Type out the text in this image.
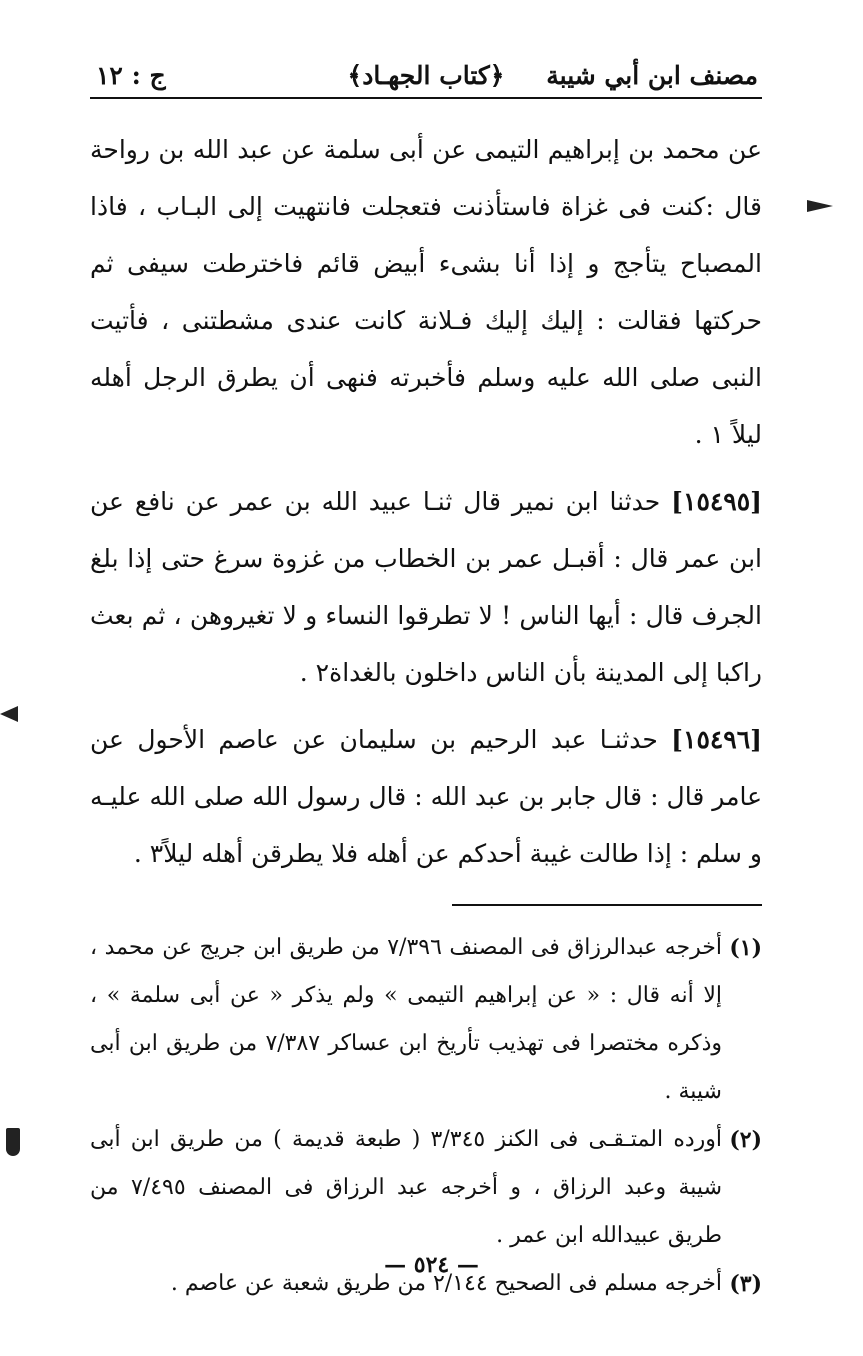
مصنف ابن أبي شيبة
﴿كتاب الجهـاد﴾
ج : ١٢

عن محمد بن إبراهيم التيمى عن أبى سلمة عن عبد الله بن رواحة قال :كنت فى غزاة فاستأذنت فتعجلت فانتهيت إلى البـاب ، فاذا المصباح يتأجج و إذا أنا بشىء أبيض قائم فاخترطت سيفى ثم حركتها فقالت : إليك إليك فـلانة كانت عندى مشطتنى ، فأتيت النبى صلى الله عليه وسلم فأخبرته فنهى أن يطرق الرجل أهله ليلاً ١ .

[١٥٤٩٥] حدثنا ابن نمير قال ثنـا عبيد الله بن عمر عن نافع عن ابن عمر قال : أقبـل عمر بن الخطاب من غزوة سرغ حتى إذا بلغ الجرف قال : أيها الناس ! لا تطرقوا النساء و لا تغيروهن ، ثم بعث راكبا إلى المدينة بأن الناس داخلون بالغداة٢ .

[١٥٤٩٦] حدثنـا عبد الرحيم بن سليمان عن عاصم الأحول عن عامر قال : قال جابر بن عبد الله : قال رسول الله صلى الله عليـه و سلم : إذا طالت غيبة أحدكم عن أهله فلا يطرقن أهله ليلاً٣ .

(١)
أخرجه عبدالرزاق فى المصنف ٧/٣٩٦ من طريق ابن جريج عن محمد ، إلا أنه قال : « عن إبراهيم التيمى » ولم يذكر « عن أبى سلمة » ، وذكره مختصرا فى تهذيب تأريخ ابن عساكر ٧/٣٨٧ من طريق ابن أبى شيبة .
(٢)
أورده المتـقـى فى الكنز ٣/٣٤٥ ( طبعة قديمة ) من طريق ابن أبى شيبة وعبد الرزاق ، و أخرجه عبد الرزاق فى المصنف ٧/٤٩٥ من طريق عبيدالله ابن عمر .
(٣)
أخرجه مسلم فى الصحيح ٢/١٤٤ من طريق شعبة عن عاصم .
— ٥٢٤ —
